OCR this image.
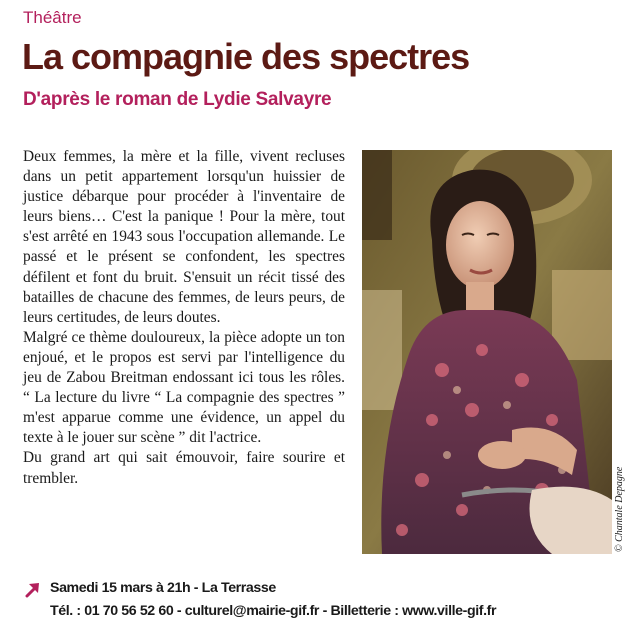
Théâtre
La compagnie des spectres
D'après le roman de Lydie Salvayre

Deux femmes, la mère et la fille, vivent recluses dans un petit appartement lorsqu'un huissier de justice débarque pour procéder à l'inventaire de leurs biens… C'est la panique ! Pour la mère, tout s'est arrêté en 1943 sous l'occupation allemande. Le passé et le présent se confondent, les spectres défilent et font du bruit. S'ensuit un récit tissé des batailles de chacune des femmes, de leurs peurs, de leurs certitudes, de leurs doutes.

Malgré ce thème douloureux, la pièce adopte un ton enjoué, et le propos est servi par l'intelligence du jeu de Zabou Breitman endossant ici tous les rôles. “ La lecture du livre “ La compagnie des spectres ” m'est apparue comme une évidence, un appel du texte à le jouer sur scène ” dit l'actrice.

Du grand art qui sait émouvoir, faire sourire et trembler.	© Chantale Depagne
Samedi 15 mars à 21h - La Terrasse
Tél. : 01 70 56 52 60 - culturel@mairie-gif.fr - Billetterie : www.ville-gif.fr
